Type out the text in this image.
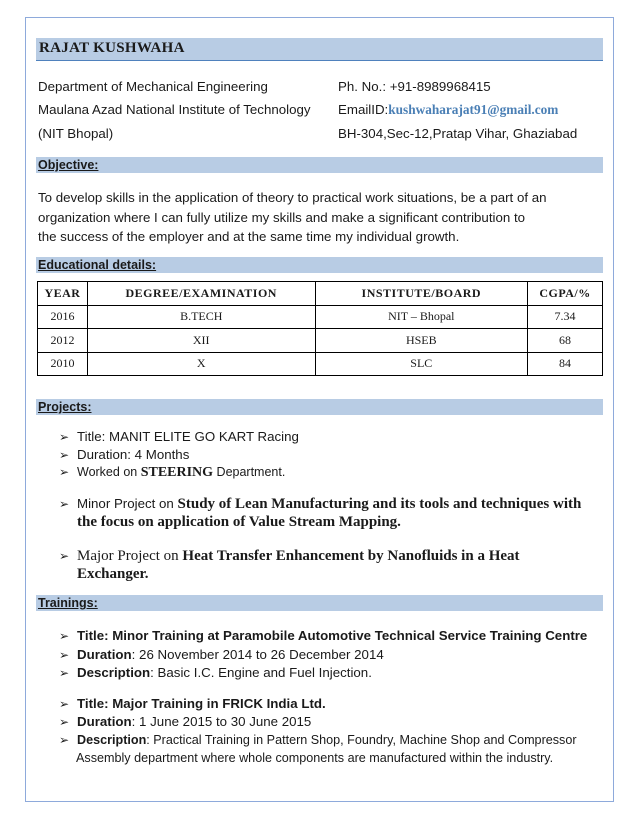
RAJAT KUSHWAHA
Department of Mechanical Engineering
Maulana Azad National Institute of Technology
(NIT Bhopal)
Ph. No.: +91-8989968415
EmailID:kushwaharajat91@gmail.com
BH-304,Sec-12,Pratap Vihar, Ghaziabad
Objective:
To develop skills in the application of theory to practical work situations, be a part of an
organization where I can fully utilize my skills and make a significant contribution to
the success of the employer and at the same time my individual growth.
Educational details:
YEAR	DEGREE/EXAMINATION	INSTITUTE/BOARD	CGPA/%
2016	B.TECH	NIT – Bhopal	7.34
2012	XII	HSEB	68
2010	X	SLC	84
Projects:
➢ Title: MANIT ELITE GO KART Racing
➢ Duration: 4 Months
➢ Worked on STEERING Department.
➢ Minor Project on Study of Lean Manufacturing and its tools and techniques with
the focus on application of Value Stream Mapping.
➢ Major Project on Heat Transfer Enhancement by Nanofluids in a Heat
Exchanger.
Trainings:
➢ Title: Minor Training at Paramobile Automotive Technical Service Training Centre
➢ Duration: 26 November 2014 to 26 December 2014
➢ Description: Basic I.C. Engine and Fuel Injection.
➢ Title: Major Training in FRICK India Ltd.
➢ Duration: 1 June 2015 to 30 June 2015
➢ Description: Practical Training in Pattern Shop, Foundry, Machine Shop and Compressor
Assembly department where whole components are manufactured within the industry.
